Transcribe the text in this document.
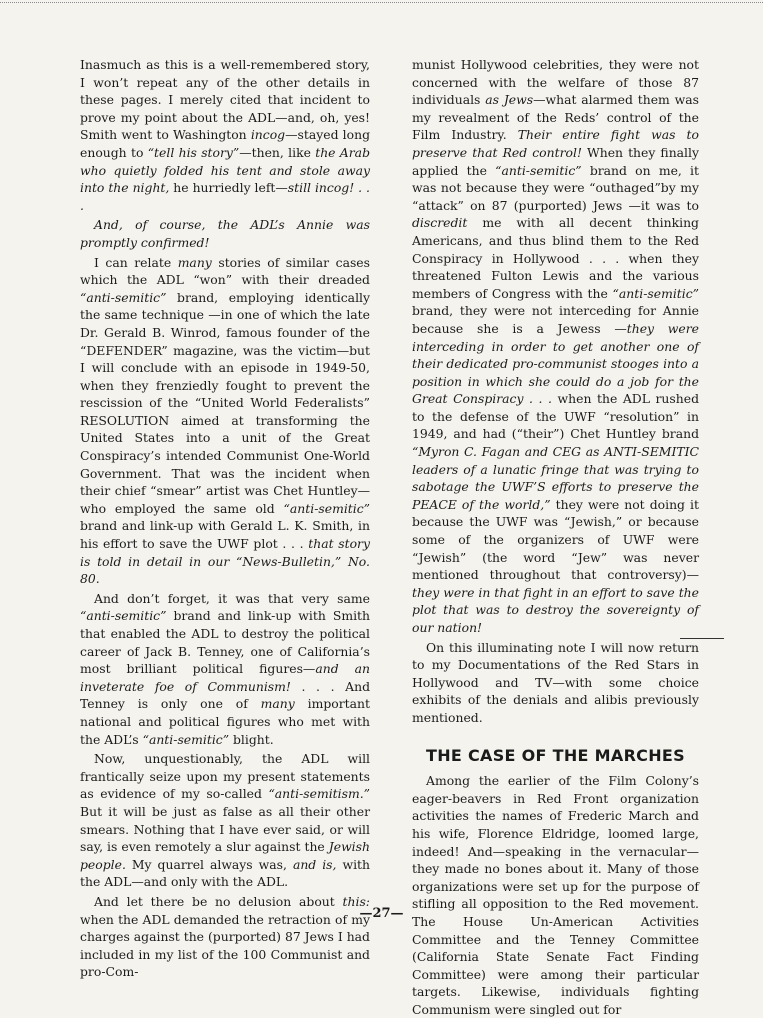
Inasmuch as this is a well-remembered story, I won’t repeat any of the other details in these pages. I merely cited that incident to prove my point about the ADL—and, oh, yes! Smith went to Washington incog—stayed long enough to “tell his story”—then, like the Arab who quietly folded his tent and stole away into the night, he hurriedly left—still incog! . . .

And, of course, the ADL’s Annie was promptly confirmed!

I can relate many stories of similar cases which the ADL “won” with their dreaded “anti-semitic” brand, employing identically the same technique —in one of which the late Dr. Gerald B. Winrod, famous founder of the “DEFENDER” magazine, was the victim—but I will conclude with an episode in 1949-50, when they frenziedly fought to prevent the rescission of the “United World Federalists” RESOLUTION aimed at transforming the United States into a unit of the Great Conspiracy’s intended Communist One-World Government. That was the incident when their chief “smear” artist was Chet Huntley—who employed the same old “anti-semitic” brand and link-up with Gerald L. K. Smith, in his effort to save the UWF plot . . . that story is told in detail in our “News-Bulletin,” No. 80.

And don’t forget, it was that very same “anti-semitic” brand and link-up with Smith that enabled the ADL to destroy the political career of Jack B. Tenney, one of California’s most brilliant political figures—and an inveterate foe of Communism! . . . And Tenney is only one of many important national and political figures who met with the ADL’s “anti-semitic” blight.

Now, unquestionably, the ADL will frantically seize upon my present statements as evidence of my so-called “anti-semitism.” But it will be just as false as all their other smears. Nothing that I have ever said, or will say, is even remotely a slur against the Jewish people. My quarrel always was, and is, with the ADL—and only with the ADL.

And let there be no delusion about this: when the ADL demanded the retraction of my charges against the (purported) 87 Jews I had included in my list of the 100 Communist and pro-Com-

munist Hollywood celebrities, they were not concerned with the welfare of those 87 individuals as Jews—what alarmed them was my revealment of the Reds’ control of the Film Industry. Their entire fight was to preserve that Red control! When they finally applied the “anti-semitic” brand on me, it was not because they were “outhaged”by my “attack” on 87 (purported) Jews —it was to discredit me with all decent thinking Americans, and thus blind them to the Red Conspiracy in Hollywood . . . when they threatened Fulton Lewis and the various members of Congress with the “anti-semitic” brand, they were not interceding for Annie because she is a Jewess —they were interceding in order to get another one of their dedicated pro-communist stooges into a position in which she could do a job for the Great Conspiracy . . . when the ADL rushed to the defense of the UWF “resolution” in 1949, and had (“their”) Chet Huntley brand “Myron C. Fagan and CEG as ANTI-SEMITIC leaders of a lunatic fringe that was trying to sabotage the UWF’S efforts to preserve the PEACE of the world,” they were not doing it because the UWF was “Jewish,” or because some of the organizers of UWF were “Jewish” (the word “Jew” was never mentioned throughout that controversy)—they were in that fight in an effort to save the plot that was to destroy the sovereignty of our nation!

On this illuminating note I will now return to my Documentations of the Red Stars in Hollywood and TV—with some choice exhibits of the denials and alibis previously mentioned.

THE CASE OF THE MARCHES

Among the earlier of the Film Colony’s eager-beavers in Red Front organization activities the names of Frederic March and his wife, Florence Eldridge, loomed large, indeed! And—speaking in the vernacular—they made no bones about it. Many of those organizations were set up for the purpose of stifling all opposition to the Red movement. The House Un-American Activities Committee and the Tenney Committee (California State Senate Fact Finding Committee) were among their particular targets. Likewise, individuals fighting Communism were singled out for

—27—
